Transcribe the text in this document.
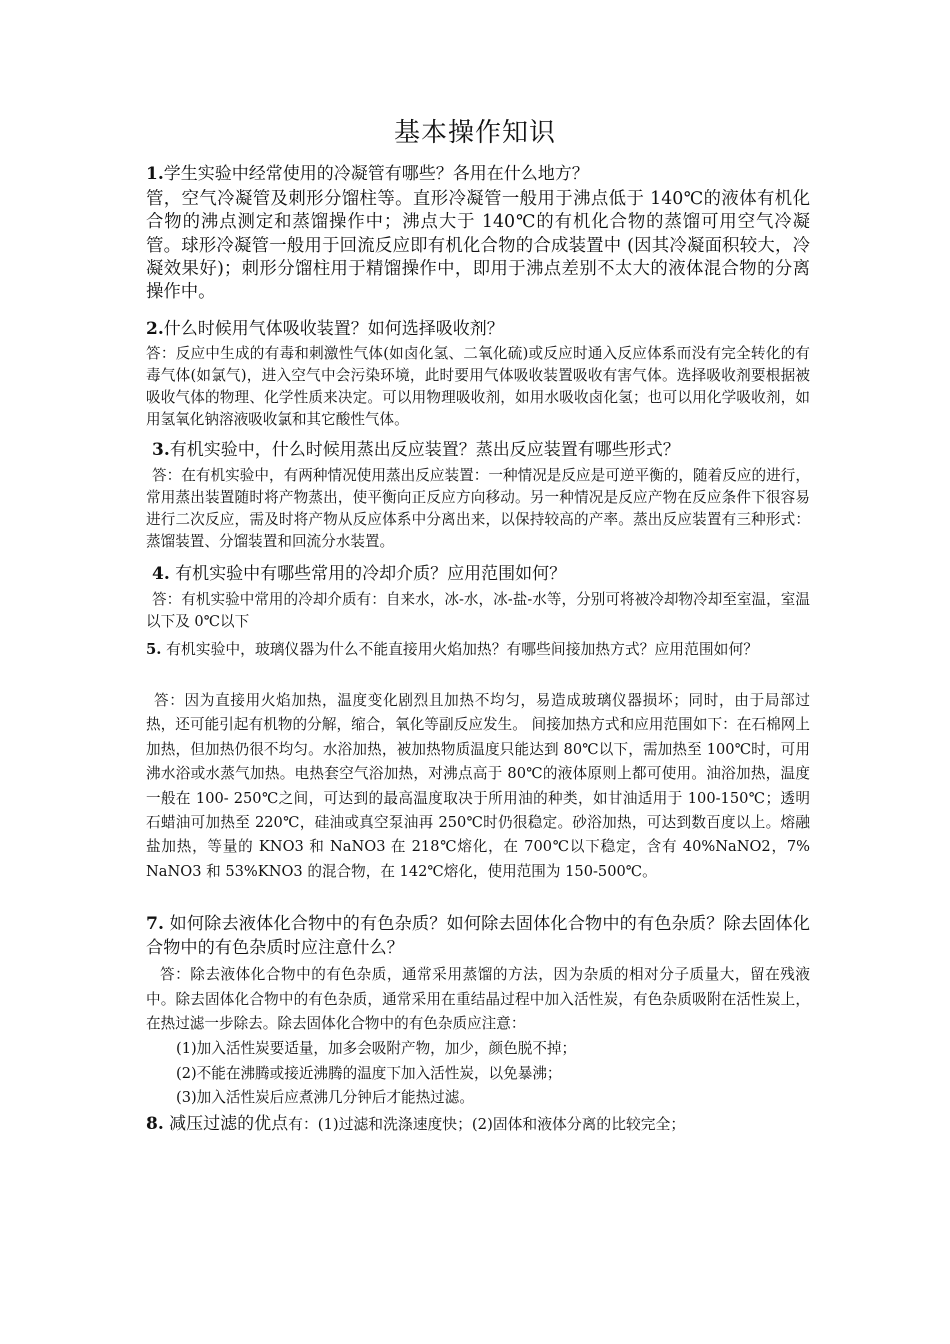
基本操作知识
1.学生实验中经常使用的冷凝管有哪些？各用在什么地方？
管，空气冷凝管及刺形分馏柱等。直形冷凝管一般用于沸点低于 140℃的液体有机化合物的沸点测定和蒸馏操作中；沸点大于 140℃的有机化合物的蒸馏可用空气冷凝管。球形冷凝管一般用于回流反应即有机化合物的合成装置中 (因其冷凝面积较大，冷凝效果好)；刺形分馏柱用于精馏操作中，即用于沸点差别不太大的液体混合物的分离操作中。
2.什么时候用气体吸收装置？如何选择吸收剂？
答：反应中生成的有毒和刺激性气体(如卤化氢、二氧化硫)或反应时通入反应体系而没有完全转化的有毒气体(如氯气)，进入空气中会污染环境，此时要用气体吸收装置吸收有害气体。选择吸收剂要根据被吸收气体的物理、化学性质来决定。可以用物理吸收剂，如用水吸收卤化氢；也可以用化学吸收剂，如用氢氧化钠溶液吸收氯和其它酸性气体。
3.有机实验中，什么时候用蒸出反应装置？蒸出反应装置有哪些形式？
答：在有机实验中，有两种情况使用蒸出反应装置：一种情况是反应是可逆平衡的，随着反应的进行，常用蒸出装置随时将产物蒸出，使平衡向正反应方向移动。另一种情况是反应产物在反应条件下很容易进行二次反应，需及时将产物从反应体系中分离出来，以保持较高的产率。蒸出反应装置有三种形式：蒸馏装置、分馏装置和回流分水装置。
4. 有机实验中有哪些常用的冷却介质？应用范围如何？
答：有机实验中常用的冷却介质有：自来水，冰-水，冰-盐-水等，分别可将被冷却物冷却至室温，室温以下及 0℃以下
5. 有机实验中，玻璃仪器为什么不能直接用火焰加热？有哪些间接加热方式？应用范围如何？
答：因为直接用火焰加热，温度变化剧烈且加热不均匀，易造成玻璃仪器损坏；同时，由于局部过热，还可能引起有机物的分解，缩合，氧化等副反应发生。 间接加热方式和应用范围如下：在石棉网上加热，但加热仍很不均匀。水浴加热，被加热物质温度只能达到 80℃以下，需加热至 100℃时，可用沸水浴或水蒸气加热。电热套空气浴加热，对沸点高于 80℃的液体原则上都可使用。油浴加热，温度一般在 100- 250℃之间，可达到的最高温度取决于所用油的种类，如甘油适用于 100-150℃；透明石蜡油可加热至 220℃，硅油或真空泵油再 250℃时仍很稳定。砂浴加热，可达到数百度以上。熔融盐加热，等量的 KNO3 和 NaNO3 在 218℃熔化，在 700℃以下稳定，含有 40%NaNO2，7% NaNO3 和 53%KNO3 的混合物，在 142℃熔化，使用范围为 150-500℃。
7. 如何除去液体化合物中的有色杂质？如何除去固体化合物中的有色杂质？除去固体化合物中的有色杂质时应注意什么？
答：除去液体化合物中的有色杂质，通常采用蒸馏的方法，因为杂质的相对分子质量大，留在残液中。除去固体化合物中的有色杂质，通常采用在重结晶过程中加入活性炭，有色杂质吸附在活性炭上，在热过滤一步除去。除去固体化合物中的有色杂质应注意：
(1)加入活性炭要适量，加多会吸附产物，加少，颜色脱不掉；
(2)不能在沸腾或接近沸腾的温度下加入活性炭，以免暴沸；
(3)加入活性炭后应煮沸几分钟后才能热过滤。
8. 减压过滤的优点有：(1)过滤和洗涤速度快；(2)固体和液体分离的比较完全；
